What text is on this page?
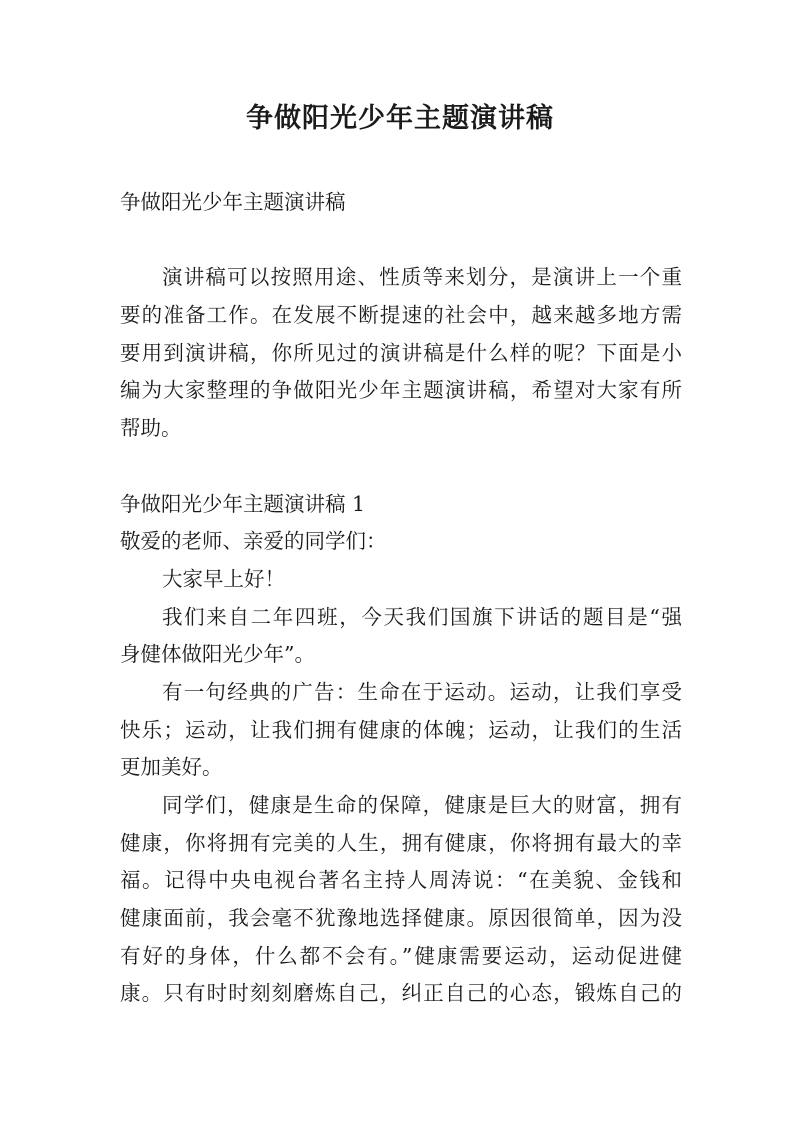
争做阳光少年主题演讲稿
争做阳光少年主题演讲稿
演讲稿可以按照用途、性质等来划分，是演讲上一个重
要的准备工作。在发展不断提速的社会中，越来越多地方需
要用到演讲稿，你所见过的演讲稿是什么样的呢？下面是小
编为大家整理的争做阳光少年主题演讲稿，希望对大家有所
帮助。
争做阳光少年主题演讲稿 1
敬爱的老师、亲爱的同学们：
大家早上好！
我们来自二年四班，今天我们国旗下讲话的题目是“强
身健体做阳光少年”。
有一句经典的广告：生命在于运动。运动，让我们享受
快乐；运动，让我们拥有健康的体魄；运动，让我们的生活
更加美好。
同学们，健康是生命的保障，健康是巨大的财富，拥有
健康，你将拥有完美的人生，拥有健康，你将拥有最大的幸
福。记得中央电视台著名主持人周涛说：“在美貌、金钱和
健康面前，我会毫不犹豫地选择健康。原因很简单，因为没
有好的身体，什么都不会有。”健康需要运动，运动促进健
康。只有时时刻刻磨炼自己，纠正自己的心态，锻炼自己的
